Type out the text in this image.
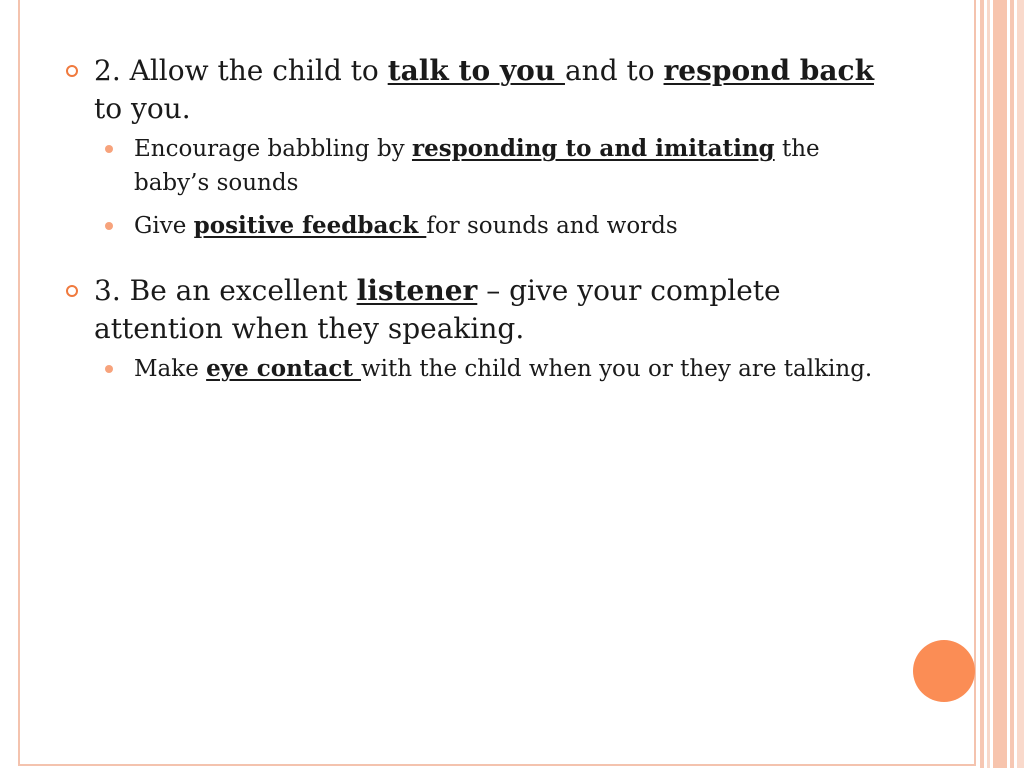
2. Allow the child to talk to you and to respond back to you.
Encourage babbling by responding to and imitating the baby’s sounds
Give positive feedback for sounds and words
3. Be an excellent listener – give your complete attention when they speaking.
Make eye contact with the child when you or they are talking.
